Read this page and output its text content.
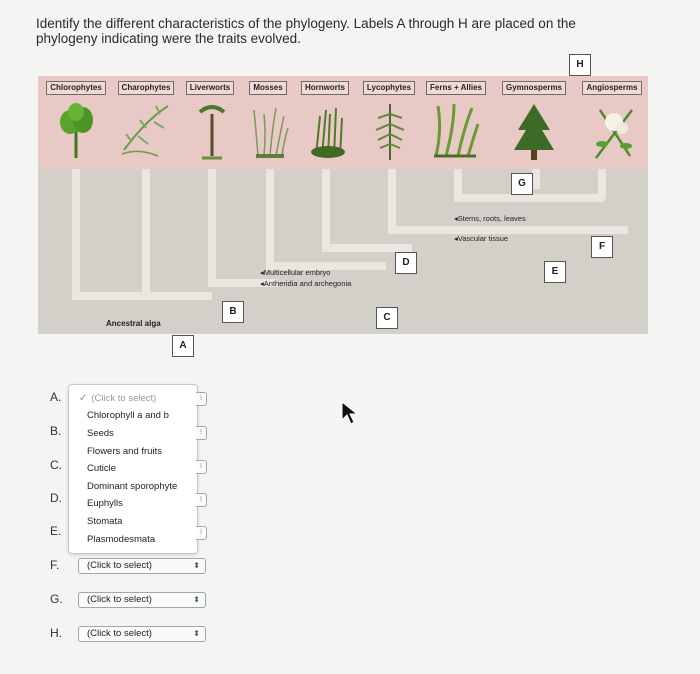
Identify the different characteristics of the phylogeny. Labels A through H are placed on the phylogeny indicating were the traits evolved.
Chlorophytes	Charophytes	Liverworts	Mosses	Hornworts	Lycophytes	Ferns + Allies	Gymnosperms	Angiosperms
◂Multicellular embryo
◂Antheridia and archegonia
◂Stems, roots, leaves
◂Vascular tissue
Ancestral alga
A
B
C
D
E
F
G
H
A.
B.
C.
D.
E.
F.
G.
H.
✓ (Click to select)
Chlorophyll a and b
Seeds
Flowers and fruits
Cuticle
Dominant sporophyte
Euphylls
Stomata
Plasmodesmata
⁝
⁝
⁝
⁝
⁝
(Click to select)	⬍
(Click to select)	⬍
(Click to select)	⬍
